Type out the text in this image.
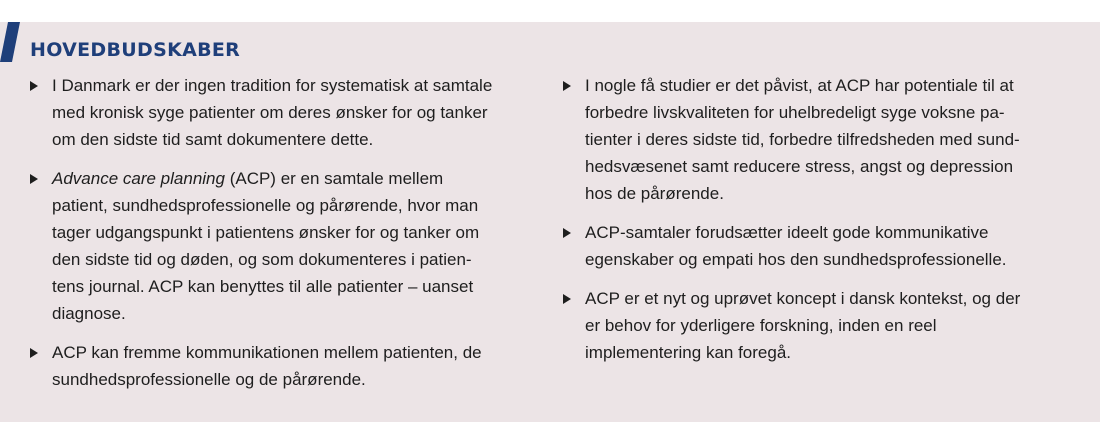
HOVEDBUDSKABER
I Danmark er der ingen tradition for systematisk at samtale
med kronisk syge patienter om deres ønsker for og tanker
om den sidste tid samt dokumentere dette.
Advance care planning (ACP) er en samtale mellem
patient, sundhedsprofessionelle og pårørende, hvor man
tager udgangspunkt i patientens ønsker for og tanker om
den sidste tid og døden, og som dokumenteres i patien-
tens journal. ACP kan benyttes til alle patienter – uanset
diagnose.
ACP kan fremme kommunikationen mellem patienten, de
sundhedsprofessionelle og de pårørende.
I nogle få studier er det påvist, at ACP har potentiale til at
forbedre livskvaliteten for uhelbredeligt syge voksne pa-
tienter i deres sidste tid, forbedre tilfredsheden med sund-
hedsvæsenet samt reducere stress, angst og depression
hos de pårørende.
ACP-samtaler forudsætter ideelt gode kommunikative
egenskaber og empati hos den sundhedsprofessionelle.
ACP er et nyt og uprøvet koncept i dansk kontekst, og der
er behov for yderligere forskning, inden en reel
implementering kan foregå.
